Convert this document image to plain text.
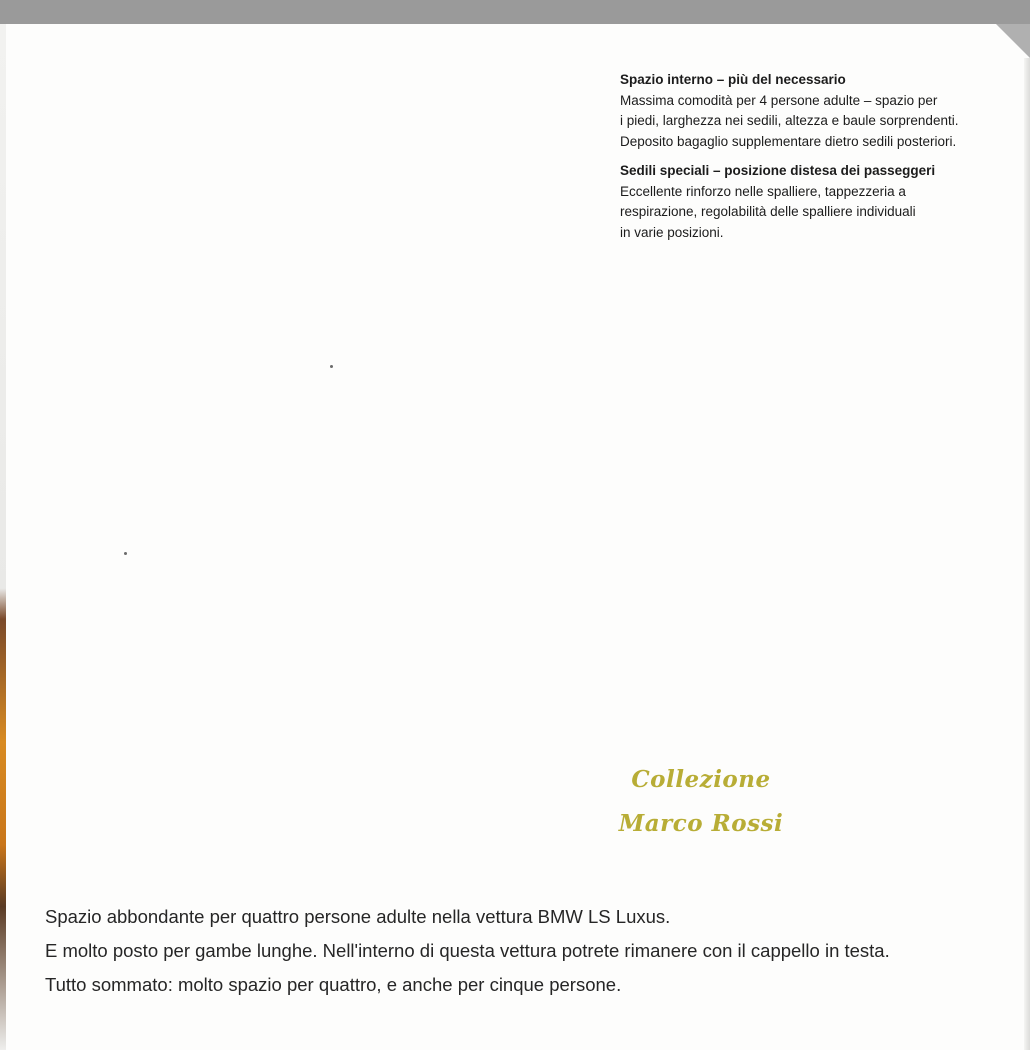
Spazio interno – più del necessario
Massima comodità per 4 persone adulte – spazio per
i piedi, larghezza nei sedili, altezza e baule sorprendenti.
Deposito bagaglio supplementare dietro sedili posteriori.
Sedili speciali – posizione distesa dei passeggeri
Eccellente rinforzo nelle spalliere, tappezzeria a
respirazione, regolabilità delle spalliere individuali
in varie posizioni.
Collezione
Marco Rossi
Spazio abbondante per quattro persone adulte nella vettura BMW LS Luxus.
E molto posto per gambe lunghe. Nell'interno di questa vettura potrete rimanere con il cappello in testa.
Tutto sommato: molto spazio per quattro, e anche per cinque persone.
